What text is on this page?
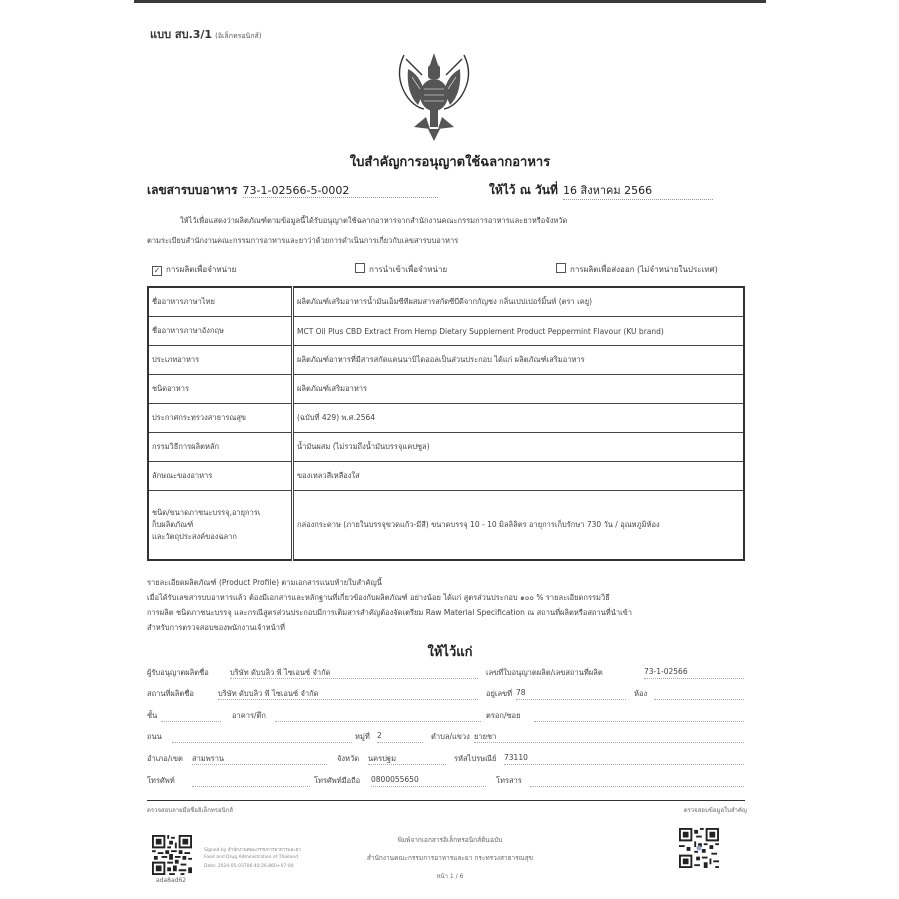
แบบ สบ.3/1 (อิเล็กทรอนิกส์)
ใบสำคัญการอนุญาตใช้ฉลากอาหาร
เลขสารบบอาหาร 73-1-02566-5-0002	ให้ไว้ ณ วันที่ 16 สิงหาคม 2566
ให้ไว้เพื่อแสดงว่าผลิตภัณฑ์ตามข้อมูลนี้ได้รับอนุญาตใช้ฉลากอาหารจากสำนักงานคณะกรรมการอาหารและยาหรือจังหวัด
ตามระเบียบสำนักงานคณะกรรมการอาหารและยาว่าด้วยการดำเนินการเกี่ยวกับเลขสารบบอาหาร
✓ การผลิตเพื่อจำหน่าย	การนำเข้าเพื่อจำหน่าย	การผลิตเพื่อส่งออก (ไม่จำหน่ายในประเทศ)
ชื่ออาหารภาษาไทย	ผลิตภัณฑ์เสริมอาหารน้ำมันเอ็มซีทีผสมสารสกัดซีบีดีจากกัญชง กลิ่นเปปเปอร์มิ้นท์ (ตรา เคยู)
ชื่ออาหารภาษาอังกฤษ	MCT Oil Plus CBD Extract From Hemp Dietary Supplement Product Peppermint Flavour (KU brand)
ประเภทอาหาร	ผลิตภัณฑ์อาหารที่มีสารสกัดแคนนาบิไดออลเป็นส่วนประกอบ ได้แก่ ผลิตภัณฑ์เสริมอาหาร
ชนิดอาหาร	ผลิตภัณฑ์เสริมอาหาร
ประกาศกระทรวงสาธารณสุข	(ฉบับที่ 429) พ.ศ.2564
กรรมวิธีการผลิตหลัก	น้ำมันผสม (ไม่รวมถึงน้ำมันบรรจุแคปซูล)
ลักษณะของอาหาร	ของเหลวสีเหลืองใส

ชนิด/ขนาดภาชนะบรรจุ,อายุการเ
ก็บผลิตภัณฑ์
และวัตถุประสงค์ของฉลาก	กล่องกระดาษ (ภายในบรรจุขวดแก้ว-มีสี) ขนาดบรรจุ 10 - 10 มิลลิลิตร อายุการเก็บรักษา 730 วัน / อุณหภูมิห้อง
รายละเอียดผลิตภัณฑ์ (Product Profile) ตามเอกสารแนบท้ายใบสำคัญนี้
เมื่อได้รับเลขสารบบอาหารแล้ว ต้องมีเอกสารและหลักฐานที่เกี่ยวข้องกับผลิตภัณฑ์ อย่างน้อย ได้แก่ สูตรส่วนประกอบ ๑๐๐ % รายละเอียดกรรมวิธี
การผลิต ชนิดภาชนะบรรจุ และกรณีสูตรส่วนประกอบมีการเติมสารสำคัญต้องจัดเตรียม Raw Material Specification ณ สถานที่ผลิตหรือสถานที่นำเข้า
สำหรับการตรวจสอบของพนักงานเจ้าหน้าที่
ให้ไว้แก่
ผู้รับอนุญาตผลิตชื่อ	บริษัท ดับบลิว พี ไซเอนซ์ จำกัด	เลขที่ใบอนุญาตผลิต/เลขสถานที่ผลิต	73-1-02566
สถานที่ผลิตชื่อ	บริษัท ดับบลิว พี ไซเอนซ์ จำกัด	อยู่เลขที่ 78	ห้อง
ชั้น	อาคาร/ตึก	ตรอก/ซอย
ถนน	หมู่ที่ 2	ตำบล/แขวง ยายชา
อำเภอ/เขต สามพราน	จังหวัด นครปฐม	รหัสไปรษณีย์ 73110
โทรศัพท์	โทรศัพท์มือถือ 0800055650	โทรสาร
ตรวจสอบลายมือชื่ออิเล็กทรอนิกส์	ตรวจสอบข้อมูลใบสำคัญ
ada8ad62
Signed by สำนักงานคณะกรรมการอาหารและยา
Food and Drug Administration of Thailand
Date: 2024-05-03T06:40:26.860+07:00
พิมพ์จากเอกสารอิเล็กทรอนิกส์ต้นฉบับ
สำนักงานคณะกรรมการอาหารและยา กระทรวงสาธารณสุข
หน้า 1 / 6
